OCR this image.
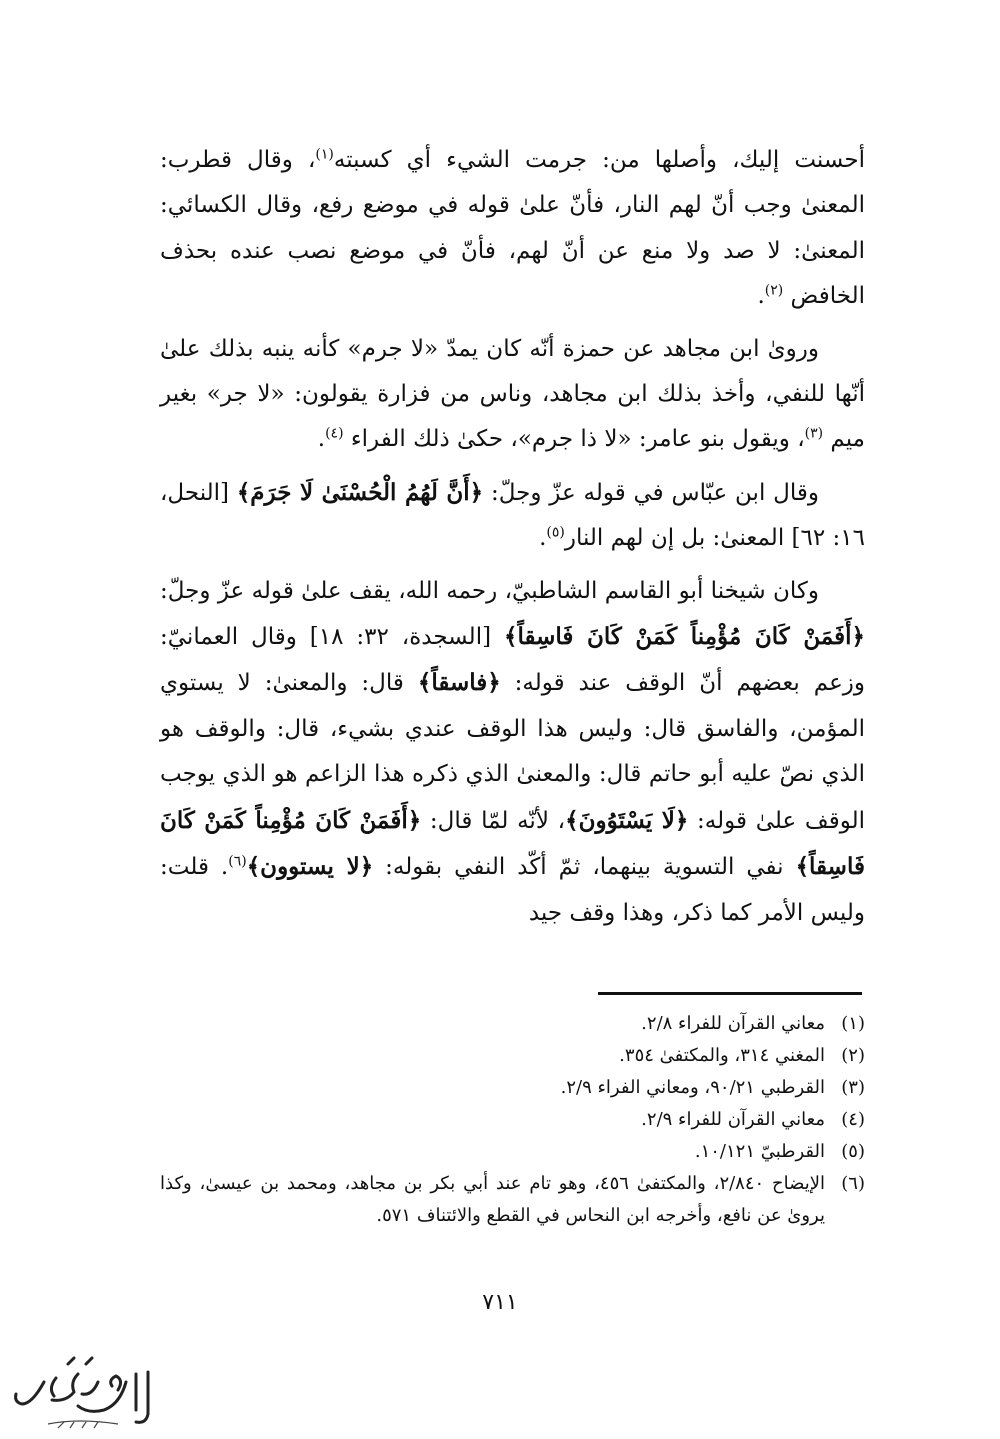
أحسنت إليك، وأصلها من: جرمت الشيء أي كسبته$^{(١)}$، وقال قطرب: المعنىٰ وجب أنّ لهم النار، فأنّ علىٰ قوله في موضع رفع، وقال الكسائي: المعنىٰ: لا صد ولا منع عن أنّ لهم، فأنّ في موضع نصب عنده بحذف الخافض $^{(٢)}$.

وروىٰ ابن مجاهد عن حمزة أنّه كان يمدّ «لا جرم» كأنه ينبه بذلك علىٰ أنّها للنفي، وأخذ بذلك ابن مجاهد، وناس من فزارة يقولون: «لا جر» بغير ميم $^{(٣)}$، ويقول بنو عامر: «لا ذا جرم»، حكىٰ ذلك الفراء $^{(٤)}$.

وقال ابن عبّاس في قوله عزّ وجلّ: ﴿أَنَّ لَهُمُ الْحُسْنَىٰ لَا جَرَمَ﴾ [النحل، ١٦: ٦٢] المعنىٰ: بل إن لهم النار$^{(٥)}$.

وكان شيخنا أبو القاسم الشاطبيّ، رحمه الله، يقف علىٰ قوله عزّ وجلّ: ﴿أَفَمَنْ كَانَ مُؤْمِناً كَمَنْ كَانَ فَاسِقاً﴾ [السجدة، ٣٢: ١٨] وقال العمانيّ: وزعم بعضهم أنّ الوقف عند قوله: ﴿فاسقاً﴾ قال: والمعنىٰ: لا يستوي المؤمن، والفاسق قال: وليس هذا الوقف عندي بشيء، قال: والوقف هو الذي نصّ عليه أبو حاتم قال: والمعنىٰ الذي ذكره هذا الزاعم هو الذي يوجب الوقف علىٰ قوله: ﴿لَا يَسْتَوُونَ﴾، لأنّه لمّا قال: ﴿أَفَمَنْ كَانَ مُؤْمِناً كَمَنْ كَانَ فَاسِقاً﴾ نفي التسوية بينهما، ثمّ أكّد النفي بقوله: ﴿لا يستوون﴾$^{(٦)}$. قلت: وليس الأمر كما ذكر، وهذا وقف جيد

(١)
معاني القرآن للفراء ٢/٨.

(٢)
المغني ٣١٤، والمكتفىٰ ٣٥٤.

(٣)
القرطبي ٩٠/٢١، ومعاني الفراء ٢/٩.

(٤)
معاني القرآن للفراء ٢/٩.

(٥)
القرطبيّ ١٠/١٢١.

(٦)
الإيضاح ٢/٨٤٠، والمكتفىٰ ٤٥٦، وهو تام عند أبي بكر بن مجاهد، ومحمد بن عيسىٰ، وكذا يروىٰ عن نافع، وأخرجه ابن النحاس في القطع والائتناف ٥٧١.

٧١١
